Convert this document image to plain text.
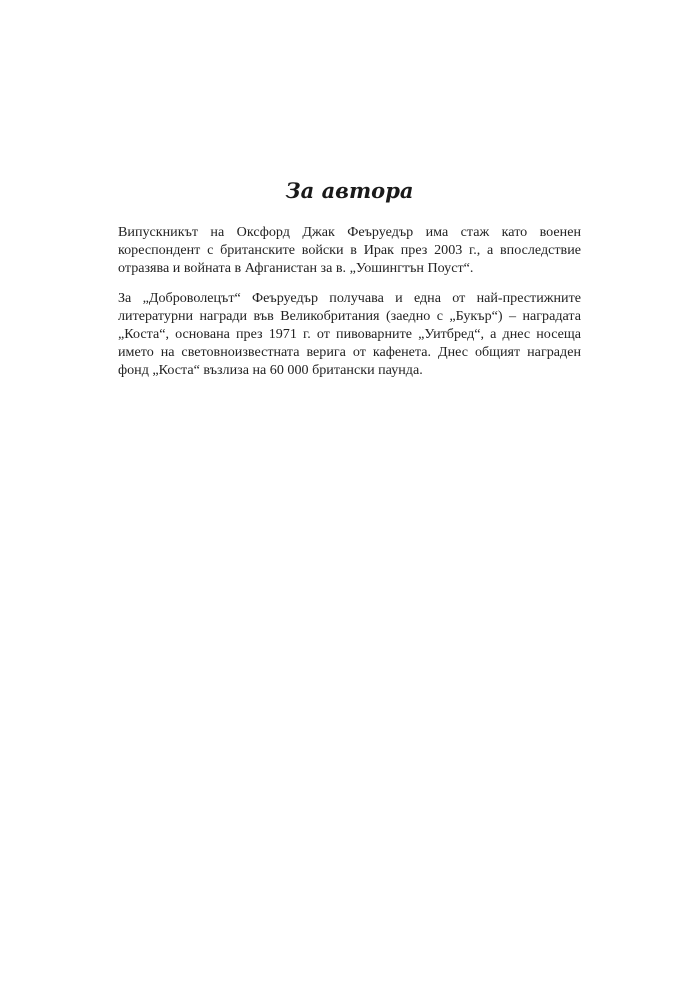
За автора

Випускникът на Оксфорд Джак Феъруедър има стаж като военен кореспондент с британските войски в Ирак през 2003 г., а впоследствие отразява и войната в Афганистан за в. „Уошингтън Поуст“.

За „Доброволецът“ Феъруедър получава и една от най-престижните литературни награди във Великобритания (заедно с „Букър“) – наградата „Коста“, основана през 1971 г. от пивоварните „Уитбред“, а днес носеща името на световноизвестната верига от кафенета. Днес общият награден фонд „Коста“ възлиза на 60 000 британски паунда.
